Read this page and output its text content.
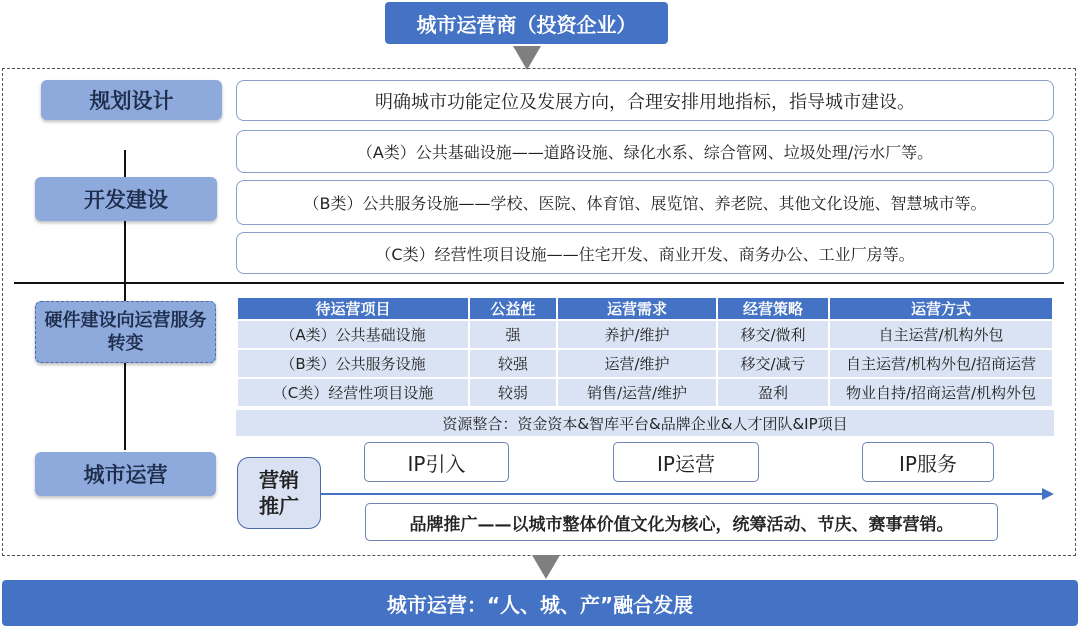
城市运营商（投资企业）
规划设计
开发建设
硬件建设向运营服务转变
城市运营
明确城市功能定位及发展方向，合理安排用地指标，指导城市建设。
（A类）公共基础设施——道路设施、绿化水系、综合管网、垃圾处理/污水厂等。
（B类）公共服务设施——学校、医院、体育馆、展览馆、养老院、其他文化设施、智慧城市等。
（C类）经营性项目设施——住宅开发、商业开发、商务办公、工业厂房等。
待运营项目	公益性	运营需求	经营策略	运营方式
（A类）公共基础设施	强	养护/维护	移交/微利	自主运营/机构外包
（B类）公共服务设施	较强	运营/维护	移交/减亏	自主运营/机构外包/招商运营
（C类）经营性项目设施	较弱	销售/运营/维护	盈利	物业自持/招商运营/机构外包
资源整合：资金资本&智库平台&品牌企业&人才团队&IP项目
营销
推广
IP引入	IP运营	IP服务
品牌推广——以城市整体价值文化为核心，统筹活动、节庆、赛事营销。
城市运营：“人、城、产”融合发展
